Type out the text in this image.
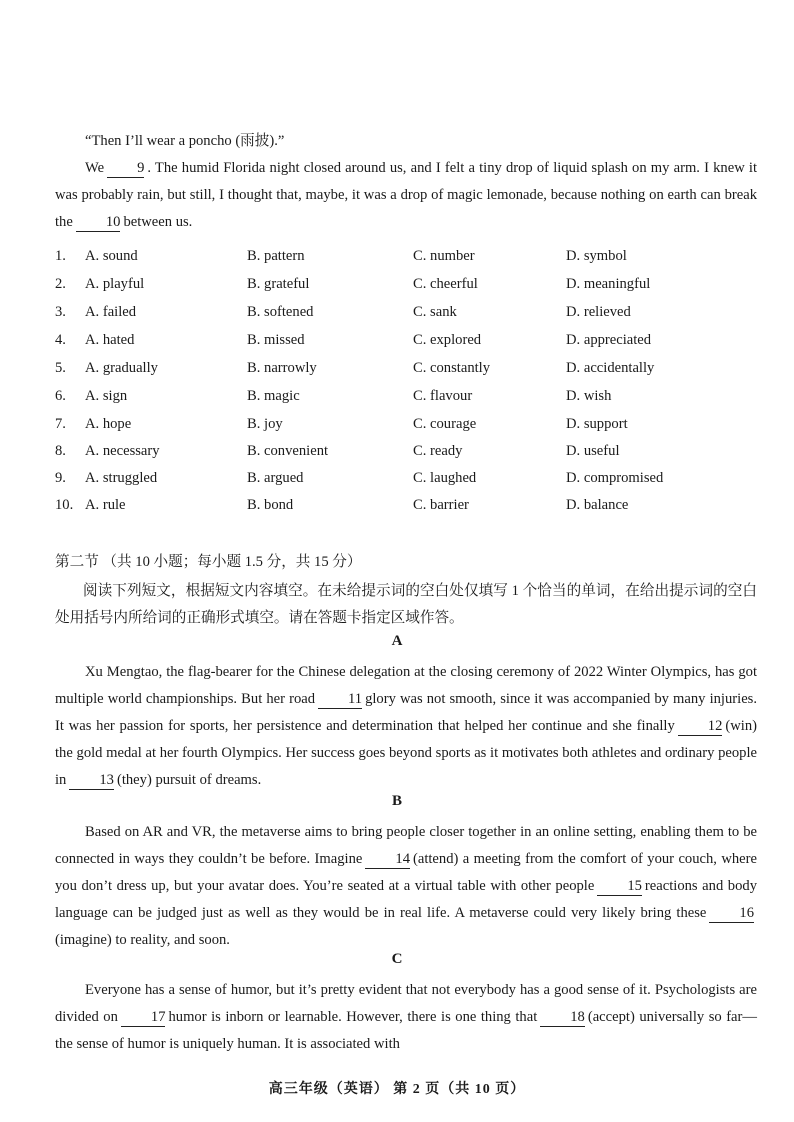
“Then I’ll wear a poncho (雨披).”

We 9 . The humid Florida night closed around us, and I felt a tiny drop of liquid splash on my arm. I knew it was probably rain, but still, I thought that, maybe, it was a drop of magic lemonade, because nothing on earth can break the 10 between us.

1. A. sound	B. pattern	C. number	D. symbol
2. A. playful	B. grateful	C. cheerful	D. meaningful
3. A. failed	B. softened	C. sank	D. relieved
4. A. hated	B. missed	C. explored	D. appreciated
5. A. gradually	B. narrowly	C. constantly	D. accidentally
6. A. sign	B. magic	C. flavour	D. wish
7. A. hope	B. joy	C. courage	D. support
8. A. necessary	B. convenient	C. ready	D. useful
9. A. struggled	B. argued	C. laughed	D. compromised
10. A. rule	B. bond	C. barrier	D. balance
第二节 （共 10 小题；每小题 1.5 分，共 15 分）
阅读下列短文，根据短文内容填空。在未给提示词的空白处仅填写 1 个恰当的单词，在给出提示词的空白处用括号内所给词的正确形式填空。请在答题卡指定区域作答。
A

Xu Mengtao, the flag-bearer for the Chinese delegation at the closing ceremony of 2022 Winter Olympics, has got multiple world championships. But her road 11 glory was not smooth, since it was accompanied by many injuries. It was her passion for sports, her persistence and determination that helped her continue and she finally 12 (win) the gold medal at her fourth Olympics. Her success goes beyond sports as it motivates both athletes and ordinary people in 13 (they) pursuit of dreams.

B

Based on AR and VR, the metaverse aims to bring people closer together in an online setting, enabling them to be connected in ways they couldn’t be before. Imagine 14 (attend) a meeting from the comfort of your couch, where you don’t dress up, but your avatar does. You’re seated at a virtual table with other people 15 reactions and body language can be judged just as well as they would be in real life. A metaverse could very likely bring these 16(imagine) to reality, and soon.

C

Everyone has a sense of humor, but it’s pretty evident that not everybody has a good sense of it. Psychologists are divided on 17 humor is inborn or learnable. However, there is one thing that 18 (accept) universally so far—the sense of humor is uniquely human. It is associated with

高三年级（英语） 第 2 页（共 10 页）
